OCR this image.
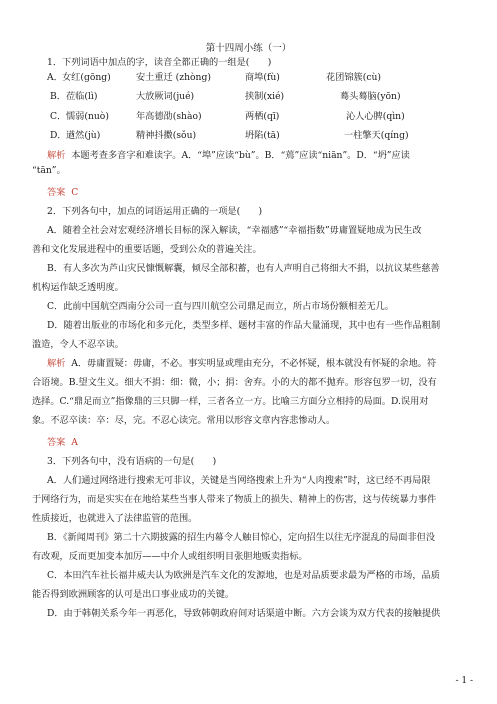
第十四周小练（一）
1．下列词语中加点的字，读音全都正确的一组是(　　)
A． 女红(gōng)	安土重迁 (zhòng)	商埠(fù)	花团锦簇(cù)
B． 莅临(lì)	大放厥词(jué)	挟制(xié)	蓦头蓦脑(yōn)
C． 懦弱(nuò)	年高德劭(shào)	两栖(qī)	沁人心脾(qìn)
D． 遒然(jù)	精神抖擞(sǒu)	坍陷(tā)	一柱擎天(qíng)
解析 本题考查多音字和难读字。A．“埠”应读“bù”。B．“蔫”应读“niān”。D．“坍”应读
“tān”。
答案 C
2．下列各句中，加点的词语运用正确的一项是(　　)
A．随着全社会对宏观经济增长目标的深入解读，“幸福感”“幸福指数”毋庸置疑地成为民生改
善和文化发展进程中的重要话题，受到公众的普遍关注。
B．有人多次为芦山灾民慷慨解囊，倾尽全部积蓄，也有人声明自己将细大不捐，以抗议某些慈善
机构运作缺乏透明度。
C．此前中国航空西南分公司一直与四川航空公司鼎足而立，所占市场份额相差无几。
D．随着出版业的市场化和多元化，类型多样、题材丰富的作品大量涌现，其中也有一些作品粗制
滥造，令人不忍卒读。
解析 A．毋庸置疑：毋庸，不必。事实明显或理由充分，不必怀疑，根本就没有怀疑的余地。符
合语境。B.望文生义。细大不捐：细：微，小；捐：舍弃。小的大的都不抛弃。形容包罗一切，没有
选择。C.“鼎足而立”指像鼎的三只脚一样，三者各立一方。比喻三方面分立相持的局面。D.误用对
象。不忍卒读：卒：尽，完。不忍心读完。常用以形容文章内容悲惨动人。
答案 A
3．下列各句中，没有语病的一句是(　　)
A．人们通过网络进行搜索无可非议，关键是当网络搜索上升为“人肉搜索”时，这已经不再局限
于网络行为，而是实实在在地给某些当事人带来了物质上的损失、精神上的伤害，这与传统暴力事件
性质接近，也就进入了法律监管的范围。
B．《新闻周刊》第二十六期披露的招生内幕令人触目惊心，定向招生以往无序混乱的局面非但没
有改观，反而更加变本加厉——中介人或组织明目张胆地贩卖指标。
C．本田汽车社长福井威夫认为欧洲是汽车文化的发源地，也是对品质要求最为严格的市场，品质
能否得到欧洲顾客的认可是出口事业成功的关键。
D．由于韩朝关系今年一再恶化，导致韩朝政府间对话渠道中断。六方会谈为双方代表的接触提供
- 1 -
